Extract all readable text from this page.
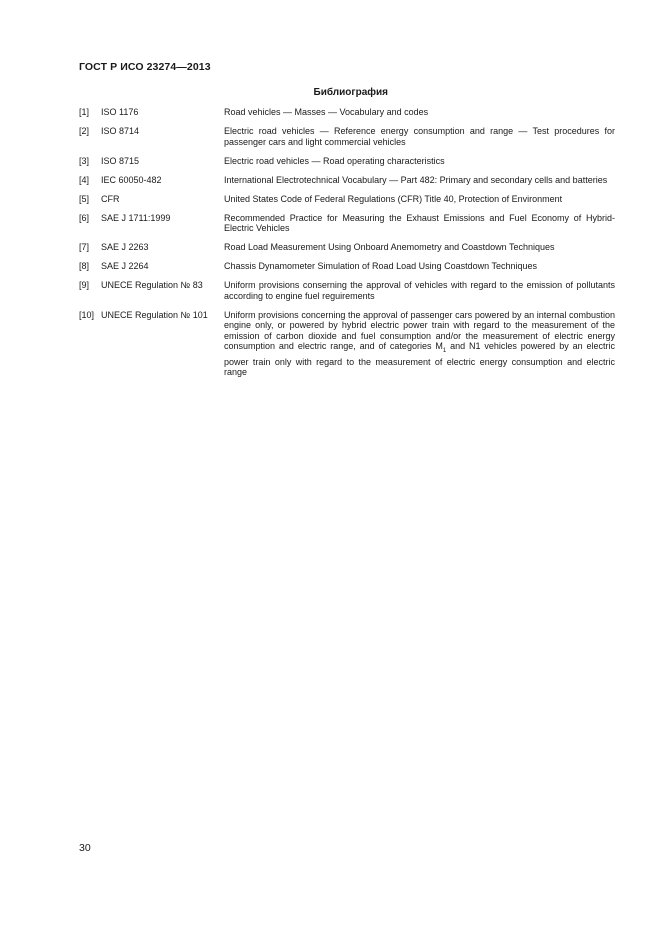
ГОСТ Р ИСО 23274—2013
Библиография
[1]	ISO 1176	Road vehicles — Masses — Vocabulary and codes
[2]	ISO 8714	Electric road vehicles — Reference energy consumption and range — Test procedures for passenger cars and light commercial vehicles
[3]	ISO 8715	Electric road vehicles — Road operating characteristics
[4]	IEC 60050-482	International Electrotechnical Vocabulary — Part 482: Primary and secondary cells and batteries
[5]	CFR	United States Code of Federal Regulations (CFR) Title 40, Protection of Environment
[6]	SAE J 1711:1999	Recommended Practice for Measuring the Exhaust Emissions and Fuel Economy of Hybrid-Electric Vehicles
[7]	SAE J 2263	Road Load Measurement Using Onboard Anemometry and Coastdown Techniques
[8]	SAE J 2264	Chassis Dynamometer Simulation of Road Load Using Coastdown Techniques
[9]	UNECE Regulation № 83	Uniform provisions conserning the approval of vehicles with regard to the emission of pollutants according to engine fuel reguirements
[10] UNECE Regulation № 101	Uniform provisions concerning the approval of passenger cars powered by an internal combustion engine only, or powered by hybrid electric power train with regard to the measurement of the emission of carbon dioxide and fuel consumption and/or the measurement of electric energy consumption and electric range, and of categories $M_1$ and N1 vehicles powered by an electric power train only with regard to the measurement of electric energy consumption and electric range
30
